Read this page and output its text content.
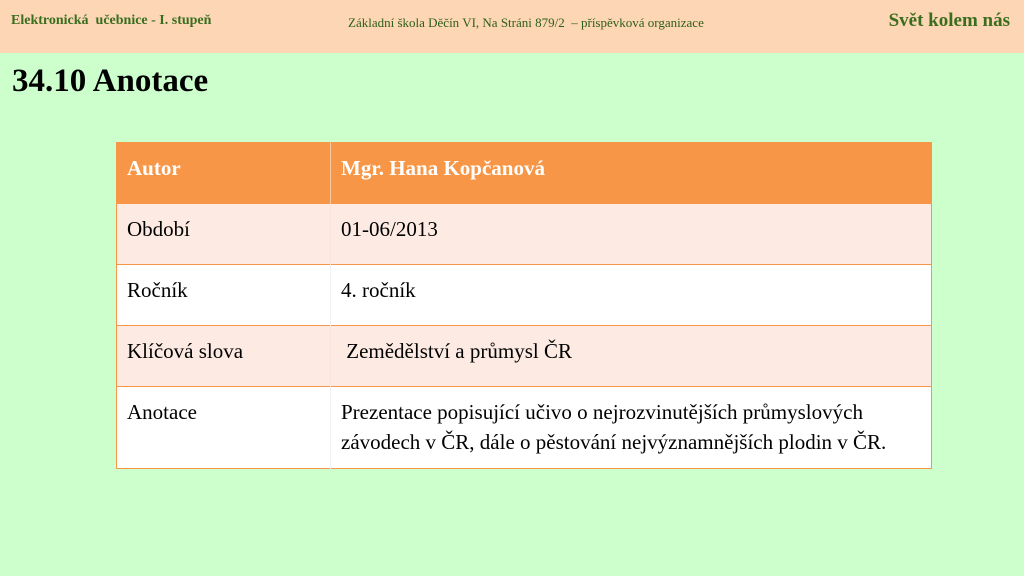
Elektronická  učebnice - I. stupeň	Základní škola Děčín VI, Na Stráni 879/2  – příspěvková organizace	Svět kolem nás
34.10 Anotace
Autor	Mgr. Hana Kopčanová
Období	01-06/2013
Ročník	4. ročník
Klíčová slova	Zemědělství a průmysl ČR
Anotace	Prezentace popisující učivo o nejrozvinutějších průmyslových závodech v ČR, dále o pěstování nejvýznamnějších plodin v ČR.
